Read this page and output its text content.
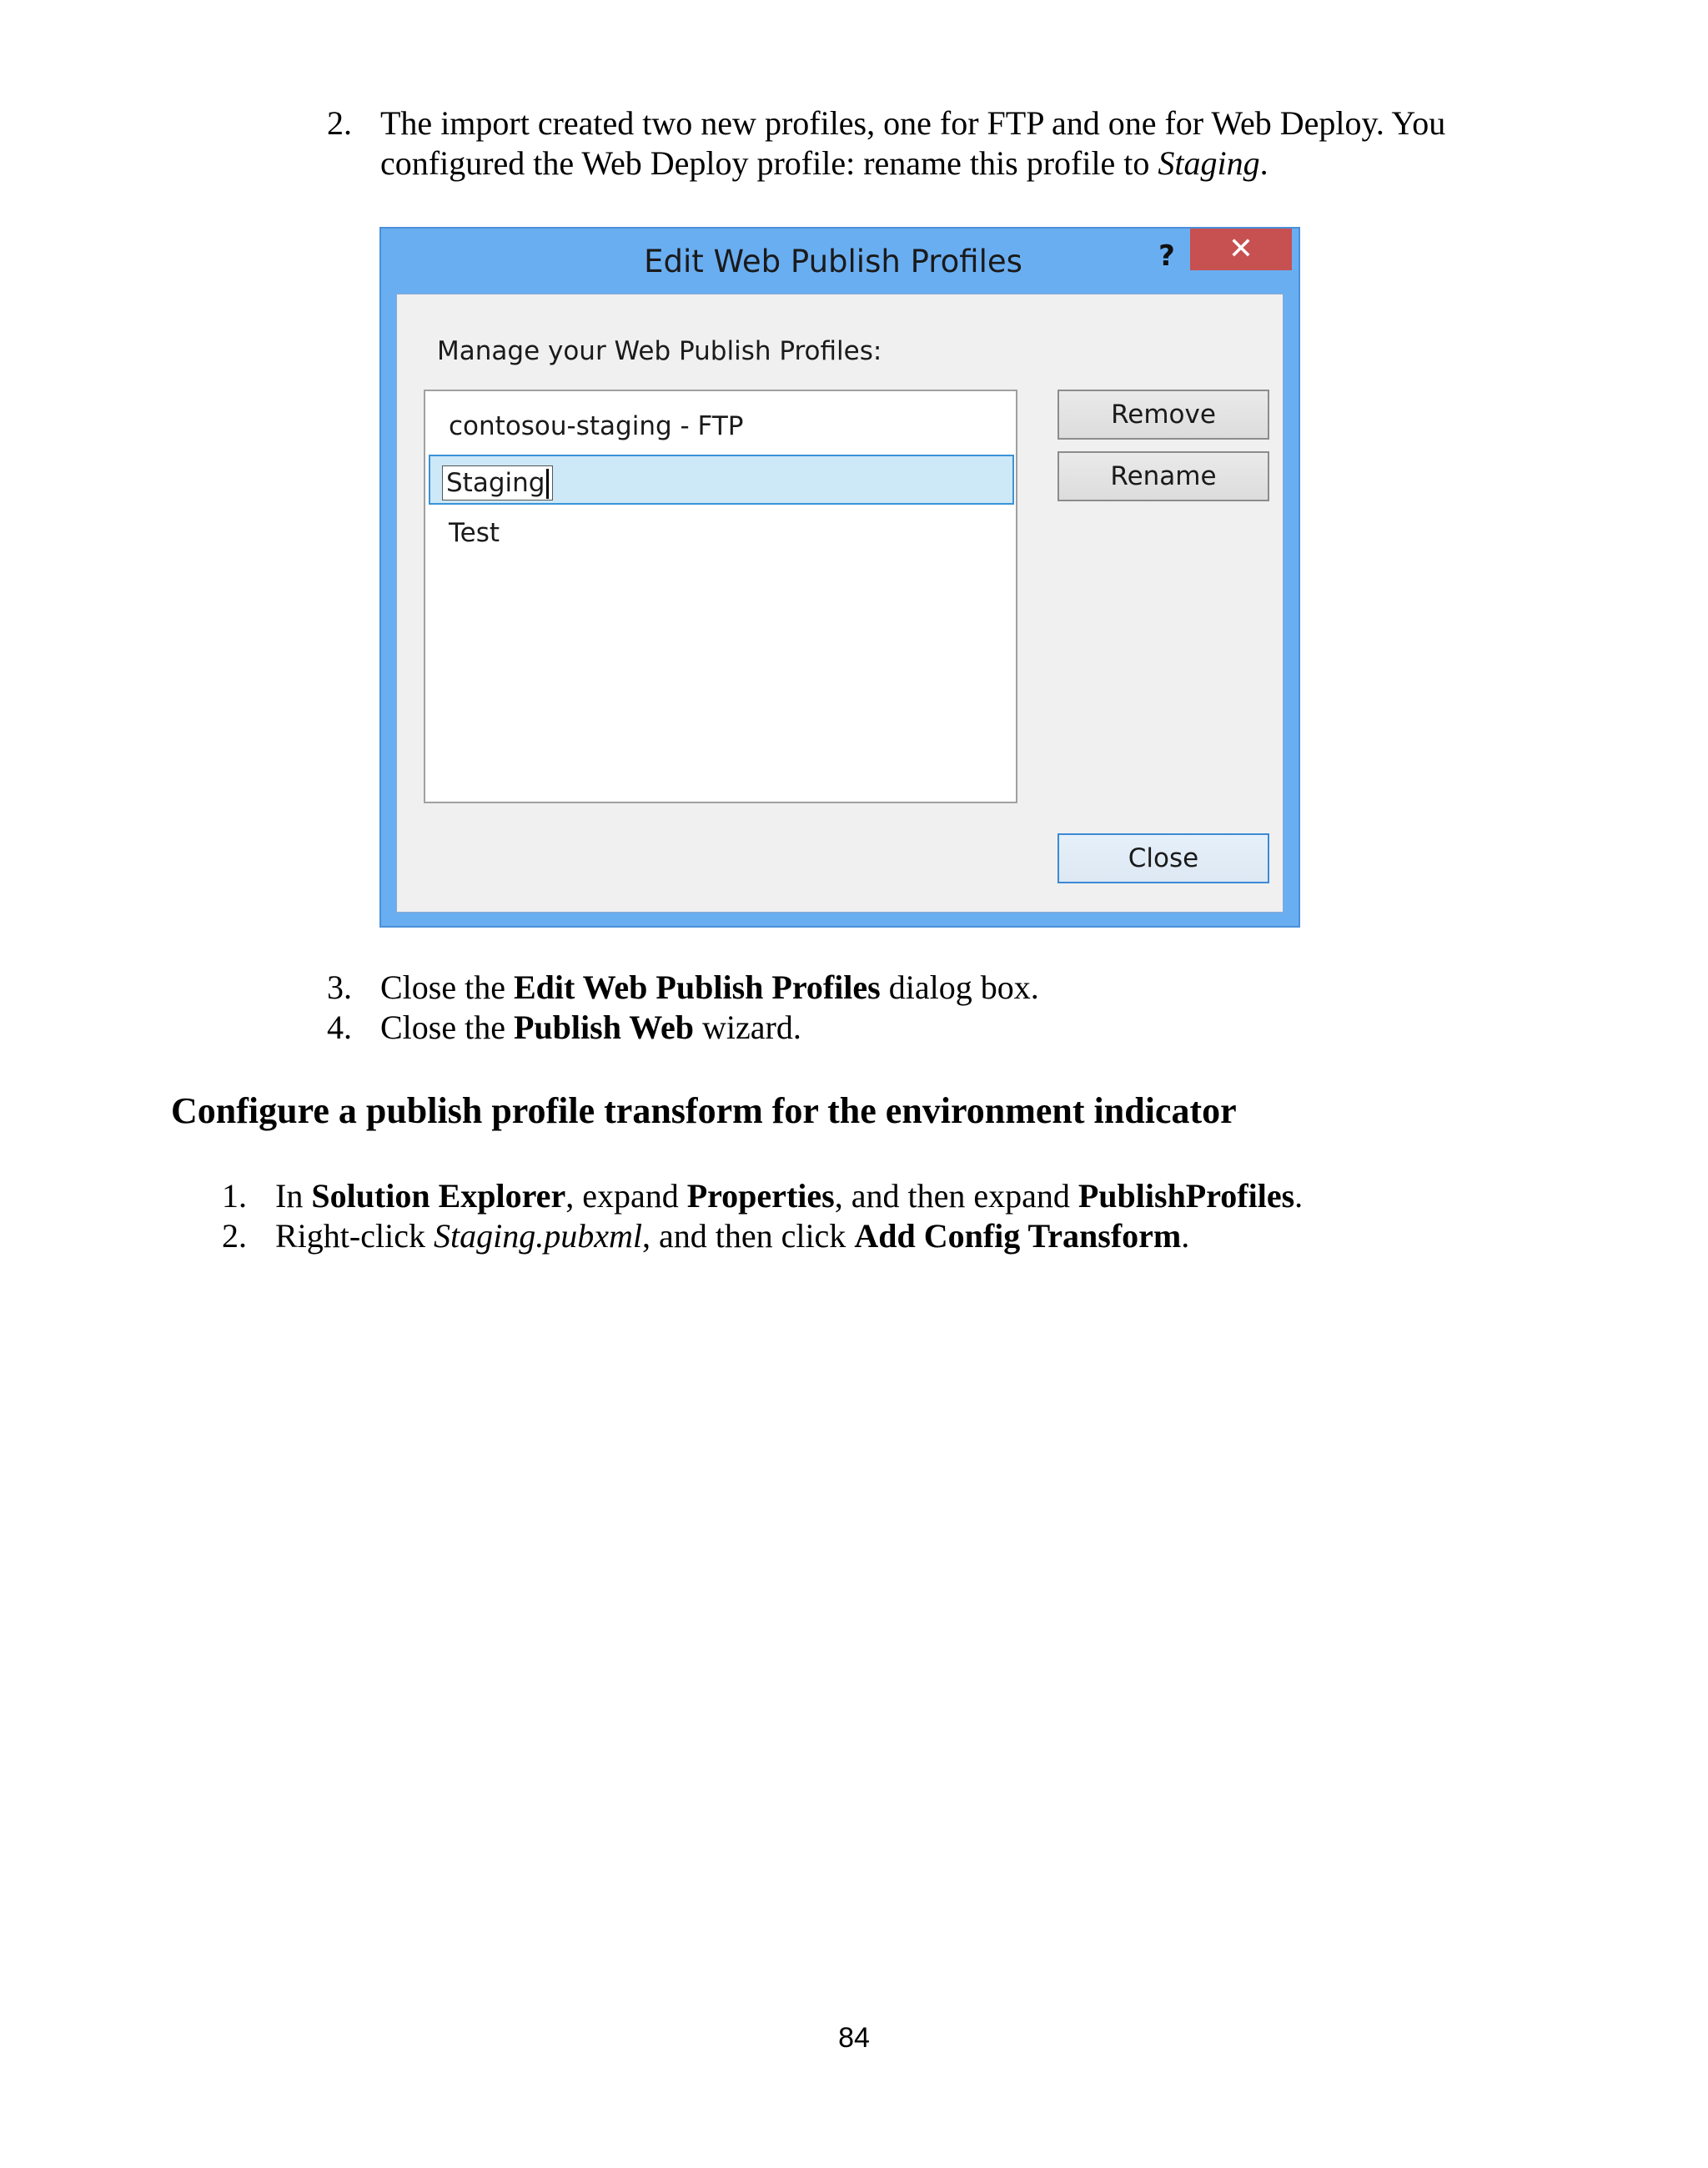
2. The import created two new profiles, one for FTP and one for Web Deploy. You
configured the Web Deploy profile: rename this profile to Staging.
Edit Web Publish Profiles	?	✕
Manage your Web Publish Profiles:
contosou-staging - FTP
Staging
Test
Remove
Rename
Close
3. Close the Edit Web Publish Profiles dialog box.
4. Close the Publish Web wizard.
Configure a publish profile transform for the environment indicator
1. In Solution Explorer, expand Properties, and then expand PublishProfiles.
2. Right-click Staging.pubxml, and then click Add Config Transform.
84
